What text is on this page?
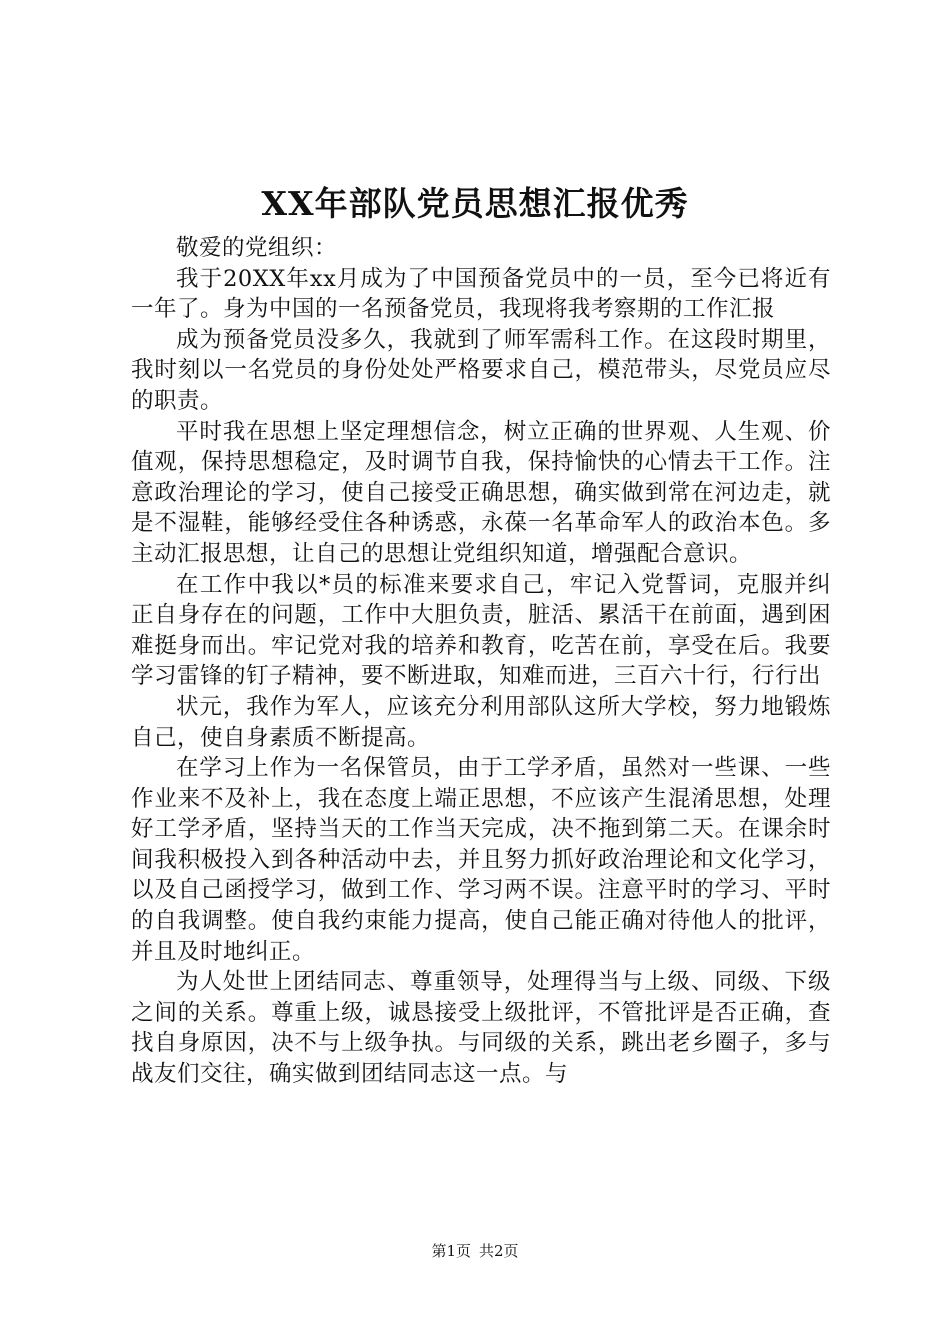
XX年部队党员思想汇报优秀

敬爱的党组织：

我于20XX年xx月成为了中国预备党员中的一员，至今已将近有一年了。身为中国的一名预备党员，我现将我考察期的工作汇报

成为预备党员没多久，我就到了师军需科工作。在这段时期里，我时刻以一名党员的身份处处严格要求自己，模范带头，尽党员应尽的职责。

平时我在思想上坚定理想信念，树立正确的世界观、人生观、价值观，保持思想稳定，及时调节自我，保持愉快的心情去干工作。注意政治理论的学习，使自己接受正确思想，确实做到常在河边走，就是不湿鞋，能够经受住各种诱惑，永葆一名革命军人的政治本色。多主动汇报思想，让自己的思想让党组织知道，增强配合意识。

在工作中我以*员的标准来要求自己，牢记入党誓词，克服并纠正自身存在的问题，工作中大胆负责，脏活、累活干在前面，遇到困难挺身而出。牢记党对我的培养和教育，吃苦在前，享受在后。我要学习雷锋的钉子精神，要不断进取，知难而进，三百六十行，行行出

状元，我作为军人，应该充分利用部队这所大学校，努力地锻炼自己，使自身素质不断提高。

在学习上作为一名保管员，由于工学矛盾，虽然对一些课、一些作业来不及补上，我在态度上端正思想，不应该产生混淆思想，处理好工学矛盾，坚持当天的工作当天完成，决不拖到第二天。在课余时间我积极投入到各种活动中去，并且努力抓好政治理论和文化学习，以及自己函授学习，做到工作、学习两不误。注意平时的学习、平时的自我调整。使自我约束能力提高，使自己能正确对待他人的批评，并且及时地纠正。

为人处世上团结同志、尊重领导，处理得当与上级、同级、下级之间的关系。尊重上级，诚恳接受上级批评，不管批评是否正确，查找自身原因，决不与上级争执。与同级的关系，跳出老乡圈子，多与战友们交往，确实做到团结同志这一点。与

第1页 共2页
